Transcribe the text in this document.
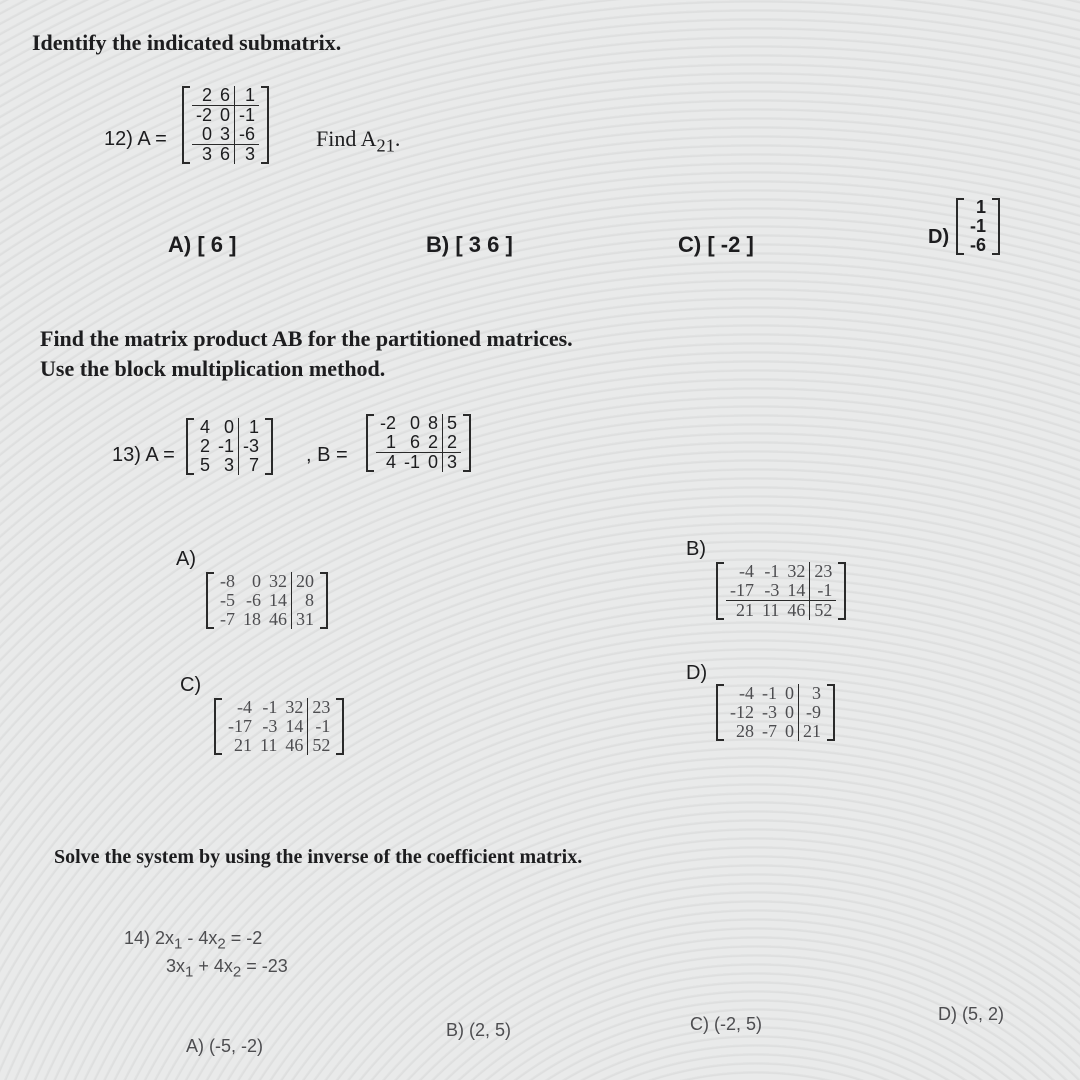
Identify the indicated submatrix.
12) A =
2	6	1
-2	0	-1
0	3	-6
3	6	3
Find $A_{21}$.
A) [ 6 ]	B) [ 3 6 ]	C) [ -2 ]	D)
1
-1
-6
Find the matrix product AB for the partitioned matrices.
Use the block multiplication method.
13) A =
4	0	1
2	-1	-3
5	3	7 , B =
-2	0	8	5
1	6	2	2
4	-1	0	3
A)
-8	0	32	20
-5	-6	14	8
-7	18	46	31
B)
-4	-1	32	23
-17	-3	14	-1
21	11	46	52
C)
-4	-1	32	23
-17	-3	14	-1
21	11	46	52
D)
-4	-1	0	3
-12	-3	0	-9
28	-7	0	21
Solve the system by using the inverse of the coefficient matrix.
14) $2x_1 - 4x_2 = -2$
$3x_1 + 4x_2 = -23$
A) (-5, -2)
B) (2, 5)	C) (-2, 5)	D) (5, 2)
